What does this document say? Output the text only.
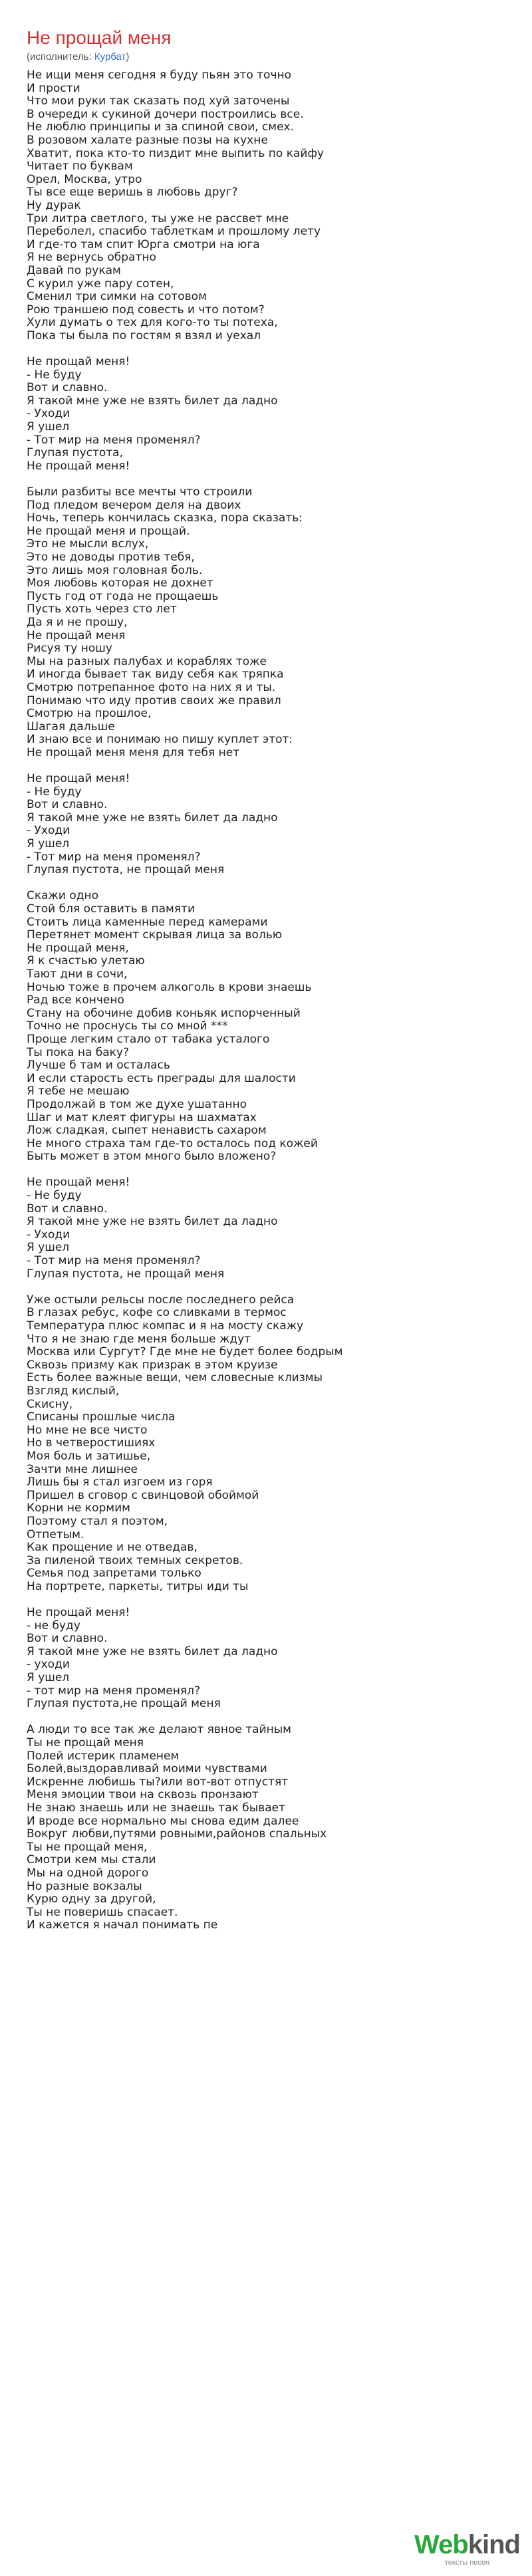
Не прощай меня
(исполнитель: Курбат)
Не ищи меня сегодня я буду пьян это точно
И прости
Что мои руки так сказать под хуй заточены
В очереди к сукиной дочери построились все.
Не люблю принципы и за спиной свои, смех.
В розовом халате разные позы на кухне
Хватит, пока кто-то пиздит мне выпить по кайфу
Читает по буквам
Орел, Москва, утро
Ты все еще веришь в любовь друг?
Ну дурак
Три литра светлого, ты уже не рассвет мне
Переболел, спасибо таблеткам и прошлому лету
И где-то там спит Юрга смотри на юга
Я не вернусь обратно
Давай по рукам
С курил уже пару сотен,
Сменил три симки на сотовом
Рою траншею под совесть и что потом?
Хули думать о тех для кого-то ты потеха,
Пока ты была по гостям я взял и уехал
Не прощай меня!
- Не буду
Вот и славно.
Я такой мне уже не взять билет да ладно
- Уходи
Я ушел
- Тот мир на меня променял?
Глупая пустота,
Не прощай меня!
Были разбиты все мечты что строили
Под пледом вечером деля на двоих
Ночь, теперь кончилась сказка, пора сказать:
Не прощай меня и прощай.
Это не мысли вслух,
Это не доводы против тебя,
Это лишь моя головная боль.
Моя любовь которая не дохнет
Пусть год от года не прощаешь
Пусть хоть через сто лет
Да я и не прошу,
Не прощай меня
Рисуя ту ношу
Мы на разных палубах и кораблях тоже
И иногда бывает так виду себя как тряпка
Смотрю потрепанное фото на них я и ты.
Понимаю что иду против своих же правил
Смотрю на прошлое,
Шагая дальше
И знаю все и понимаю но пишу куплет этот:
Не прощай меня меня для тебя нет
Не прощай меня!
- Не буду
Вот и славно.
Я такой мне уже не взять билет да ладно
- Уходи
Я ушел
- Тот мир на меня променял?
Глупая пустота, не прощай меня
Скажи одно
Стой бля оставить в памяти
Стоить лица каменные перед камерами
Перетянет момент скрывая лица за волью
Не прощай меня,
Я к счастью улетаю
Тают дни в сочи,
Ночью тоже в прочем алкоголь в крови знаешь
Рад все кончено
Стану на обочине добив коньяк испорченный
Точно не проснусь ты со мной ***
Проще легким стало от табака усталого
Ты пока на баку?
Лучше б там и осталась
И если старость есть преграды для шалости
Я тебе не мешаю
Продолжай в том же духе ушатанно
Шаг и мат клеят фигуры на шахматах
Лож сладкая, сыпет ненависть сахаром
Не много страха там где-то осталось под кожей
Быть может в этом много было вложено?
Не прощай меня!
- Не буду
Вот и славно.
Я такой мне уже не взять билет да ладно
- Уходи
Я ушел
- Тот мир на меня променял?
Глупая пустота, не прощай меня
Уже остыли рельсы после последнего рейса
В глазах ребус, кофе со сливками в термос
Температура плюс компас и я на мосту скажу
Что я не знаю где меня больше ждут
Москва или Сургут? Где мне не будет более бодрым
Сквозь призму как призрак в этом круизе
Есть более важные вещи, чем словесные клизмы
Взгляд кислый,
Скисну,
Списаны прошлые числа
Но мне не все чисто
Но в четверостишиях
Моя боль и затишье,
Зачти мне лишнее
Лишь бы я стал изгоем из горя
Пришел в сговор с свинцовой обоймой
Корни не кормим
Поэтому стал я поэтом,
Отпетым.
Как прощение и не отведав,
За пиленой твоих темных секретов.
Семья под запретами только
На портрете, паркеты, титры иди ты
Не прощай меня!
- не буду
Вот и славно.
Я такой мне уже не взять билет да ладно
- уходи
Я ушел
- тот мир на меня променял?
Глупая пустота,не прощай меня
А люди то все так же делают явное тайным
Ты не прощай меня
Полей истерик пламенем
Болей,выздоравливай моими чувствами
Искренне любишь ты?или вот-вот отпустят
Меня эмоции твои на сквозь пронзают
Не знаю знаешь или не знаешь так бывает
И вроде все нормально мы снова едим далее
Вокруг любви,путями ровными,районов спальных
Ты не прощай меня,
Смотри кем мы стали
Мы на одной дорого
Но разные вокзалы
Курю одну за другой,
Ты не поверишь спасает.
И кажется я начал понимать пе
Webkind
тексты песен
